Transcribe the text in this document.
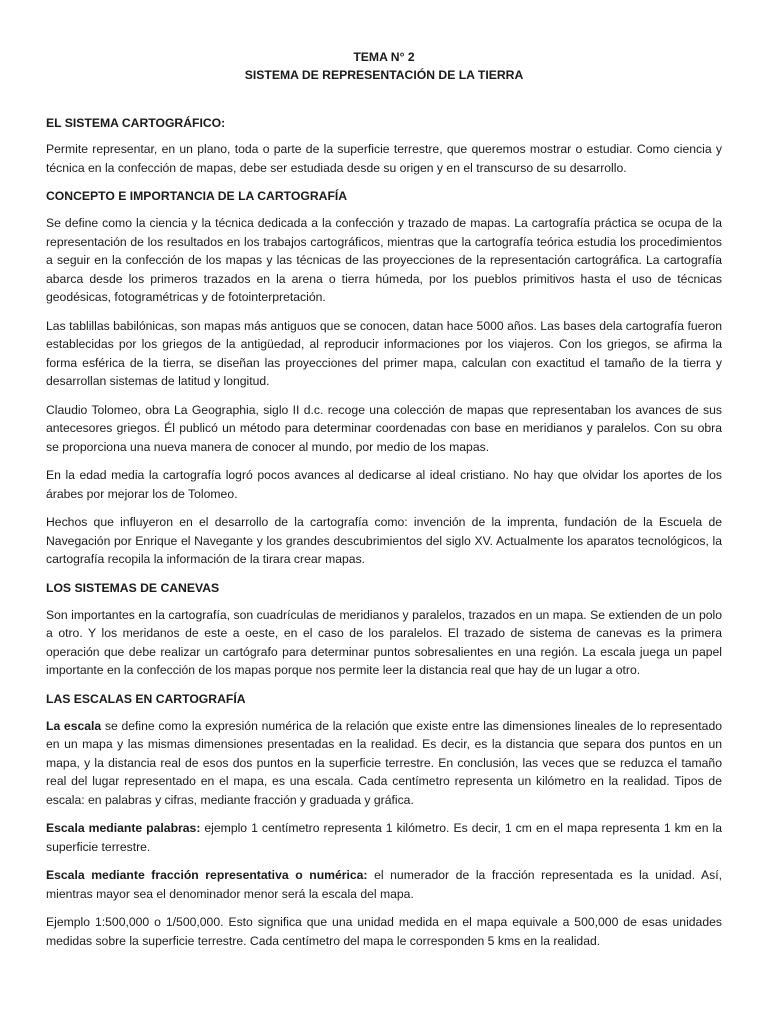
TEMA N° 2
SISTEMA DE REPRESENTACIÓN DE LA TIERRA
EL SISTEMA CARTOGRÁFICO:

Permite representar, en un plano, toda o parte de la superficie terrestre, que queremos mostrar o estudiar. Como ciencia y técnica en la confección de mapas, debe ser estudiada desde su origen y en el transcurso de su desarrollo.

CONCEPTO E IMPORTANCIA DE LA CARTOGRAFÍA

Se define como la ciencia y la técnica dedicada a la confección y trazado de mapas. La cartografía práctica se ocupa de la representación de los resultados en los trabajos cartográficos, mientras que la cartografía teórica estudia los procedimientos a seguir en la confección de los mapas y las técnicas de las proyecciones de la representación cartográfica. La cartografía abarca desde los primeros trazados en la arena o tierra húmeda, por los pueblos primitivos hasta el uso de técnicas geodésicas, fotogramétricas y de fotointerpretación.

Las tablillas babilónicas, son mapas más antiguos que se conocen, datan hace 5000 años. Las bases dela cartografía fueron establecidas por los griegos de la antigüedad, al reproducir informaciones por los viajeros. Con los griegos, se afirma la forma esférica de la tierra, se diseñan las proyecciones del primer mapa, calculan con exactitud el tamaño de la tierra y desarrollan sistemas de latitud y longitud.

Claudio Tolomeo, obra La Geographia, siglo II d.c. recoge una colección de mapas que representaban los avances de sus antecesores griegos. Él publicó un método para determinar coordenadas con base en meridianos y paralelos. Con su obra se proporciona una nueva manera de conocer al mundo, por medio de los mapas.

En la edad media la cartografía logró pocos avances al dedicarse al ideal cristiano. No hay que olvidar los aportes de los árabes por mejorar los de Tolomeo.

Hechos que influyeron en el desarrollo de la cartografía como: invención de la imprenta, fundación de la Escuela de Navegación por Enrique el Navegante y los grandes descubrimientos del siglo XV. Actualmente los aparatos tecnológicos, la cartografía recopila la información de la tirara crear mapas.

LOS SISTEMAS DE CANEVAS

Son importantes en la cartografía, son cuadrículas de meridianos y paralelos, trazados en un mapa. Se extienden de un polo a otro. Y los meridanos de este a oeste, en el caso de los paralelos. El trazado de sistema de canevas es la primera operación que debe realizar un cartógrafo para determinar puntos sobresalientes en una región. La escala juega un papel importante en la confección de los mapas porque nos permite leer la distancia real que hay de un lugar a otro.

LAS ESCALAS EN CARTOGRAFÍA

La escala se define como la expresión numérica de la relación que existe entre las dimensiones lineales de lo representado en un mapa y las mismas dimensiones presentadas en la realidad. Es decir, es la distancia que separa dos puntos en un mapa, y la distancia real de esos dos puntos en la superficie terrestre. En conclusión, las veces que se reduzca el tamaño real del lugar representado en el mapa, es una escala. Cada centímetro representa un kilómetro en la realidad. Tipos de escala: en palabras y cifras, mediante fracción y graduada y gráfica.

Escala mediante palabras: ejemplo 1 centímetro representa 1 kilómetro. Es decir, 1 cm en el mapa representa 1 km en la superficie terrestre.

Escala mediante fracción representativa o numérica: el numerador de la fracción representada es la unidad. Así, mientras mayor sea el denominador menor será la escala del mapa.

Ejemplo 1:500,000 o 1/500,000. Esto significa que una unidad medida en el mapa equivale a 500,000 de esas unidades medidas sobre la superficie terrestre. Cada centímetro del mapa le corresponden 5 kms en la realidad.
